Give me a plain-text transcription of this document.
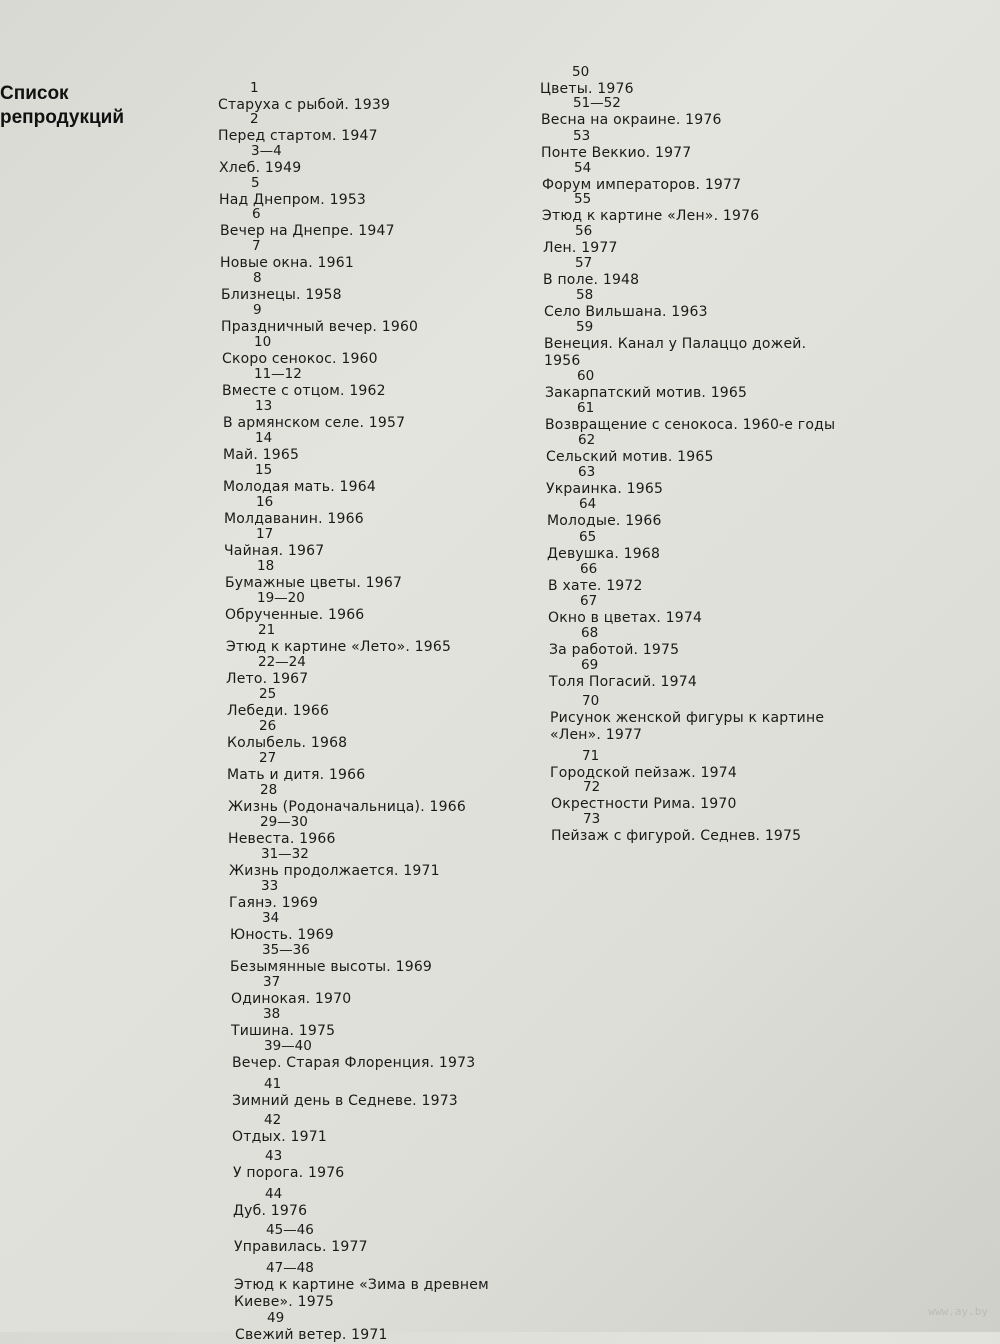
Список
репродукций
1
Старуха с рыбой. 1939
2
Перед стартом. 1947
3—4
Хлеб. 1949
5
Над Днепром. 1953
6
Вечер на Днепре. 1947
7
Новые окна. 1961
8
Близнецы. 1958
9
Праздничный вечер. 1960
10
Скоро сенокос. 1960
11—12
Вместе с отцом. 1962
13
В армянском селе. 1957
14
Май. 1965
15
Молодая мать. 1964
16
Молдаванин. 1966
17
Чайная. 1967
18
Бумажные цветы. 1967
19—20
Обрученные. 1966
21
Этюд к картине «Лето». 1965
22—24
Лето. 1967
25
Лебеди. 1966
26
Колыбель. 1968
27
Мать и дитя. 1966
28
Жизнь (Родоначальница). 1966
29—30
Невеста. 1966
31—32
Жизнь продолжается. 1971
33
Гаянэ. 1969
34
Юность. 1969
35—36
Безымянные высоты. 1969
37
Одинокая. 1970
38
Тишина. 1975
39—40
Вечер. Старая Флоренция. 1973
41
Зимний день в Седневе. 1973
42
Отдых. 1971
43
У порога. 1976
44
Дуб. 1976
45—46
Управилась. 1977
47—48
Этюд к картине «Зима в древнем
Киеве». 1975
49
Свежий ветер. 1971
50
Цветы. 1976
51—52
Весна на окраине. 1976
53
Понте Веккио. 1977
54
Форум императоров. 1977
55
Этюд к картине «Лен». 1976
56
Лен. 1977
57
В поле. 1948
58
Село Вильшана. 1963
59
Венеция. Канал у Палаццо дожей.
1956
60
Закарпатский мотив. 1965
61
Возвращение с сенокоса. 1960-е годы
62
Сельский мотив. 1965
63
Украинка. 1965
64
Молодые. 1966
65
Девушка. 1968
66
В хате. 1972
67
Окно в цветах. 1974
68
За работой. 1975
69
Толя Погасий. 1974
70
Рисунок женской фигуры к картине
«Лен». 1977
71
Городской пейзаж. 1974
72
Окрестности Рима. 1970
73
Пейзаж с фигурой. Седнев. 1975
www.ay.by
